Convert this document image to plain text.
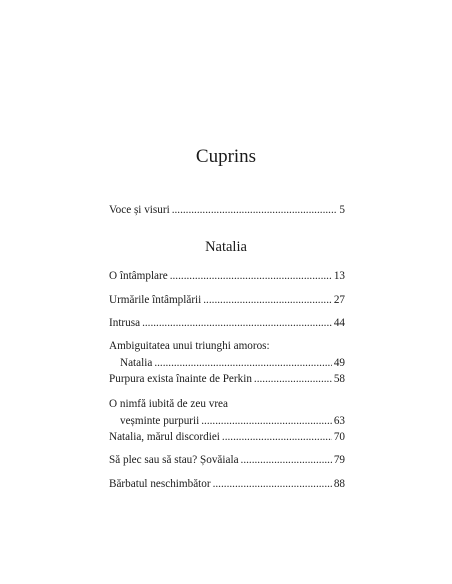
Cuprins
Voce și visuri . . .	5
Natalia
O întâmplare . . .	13
Urmările întâmplării . . .	27
Intrusa . . .	44
Ambiguitatea unui triunghi amoros:
Natalia . . .	49
Purpura exista înainte de Perkin . . .	58
O nimfă iubită de zeu vrea
veșminte purpurii . . .	63
Natalia, mărul discordiei . . .	70
Să plec sau să stau? Șovăiala . . .	79
Bărbatul neschimbător . . .	88
